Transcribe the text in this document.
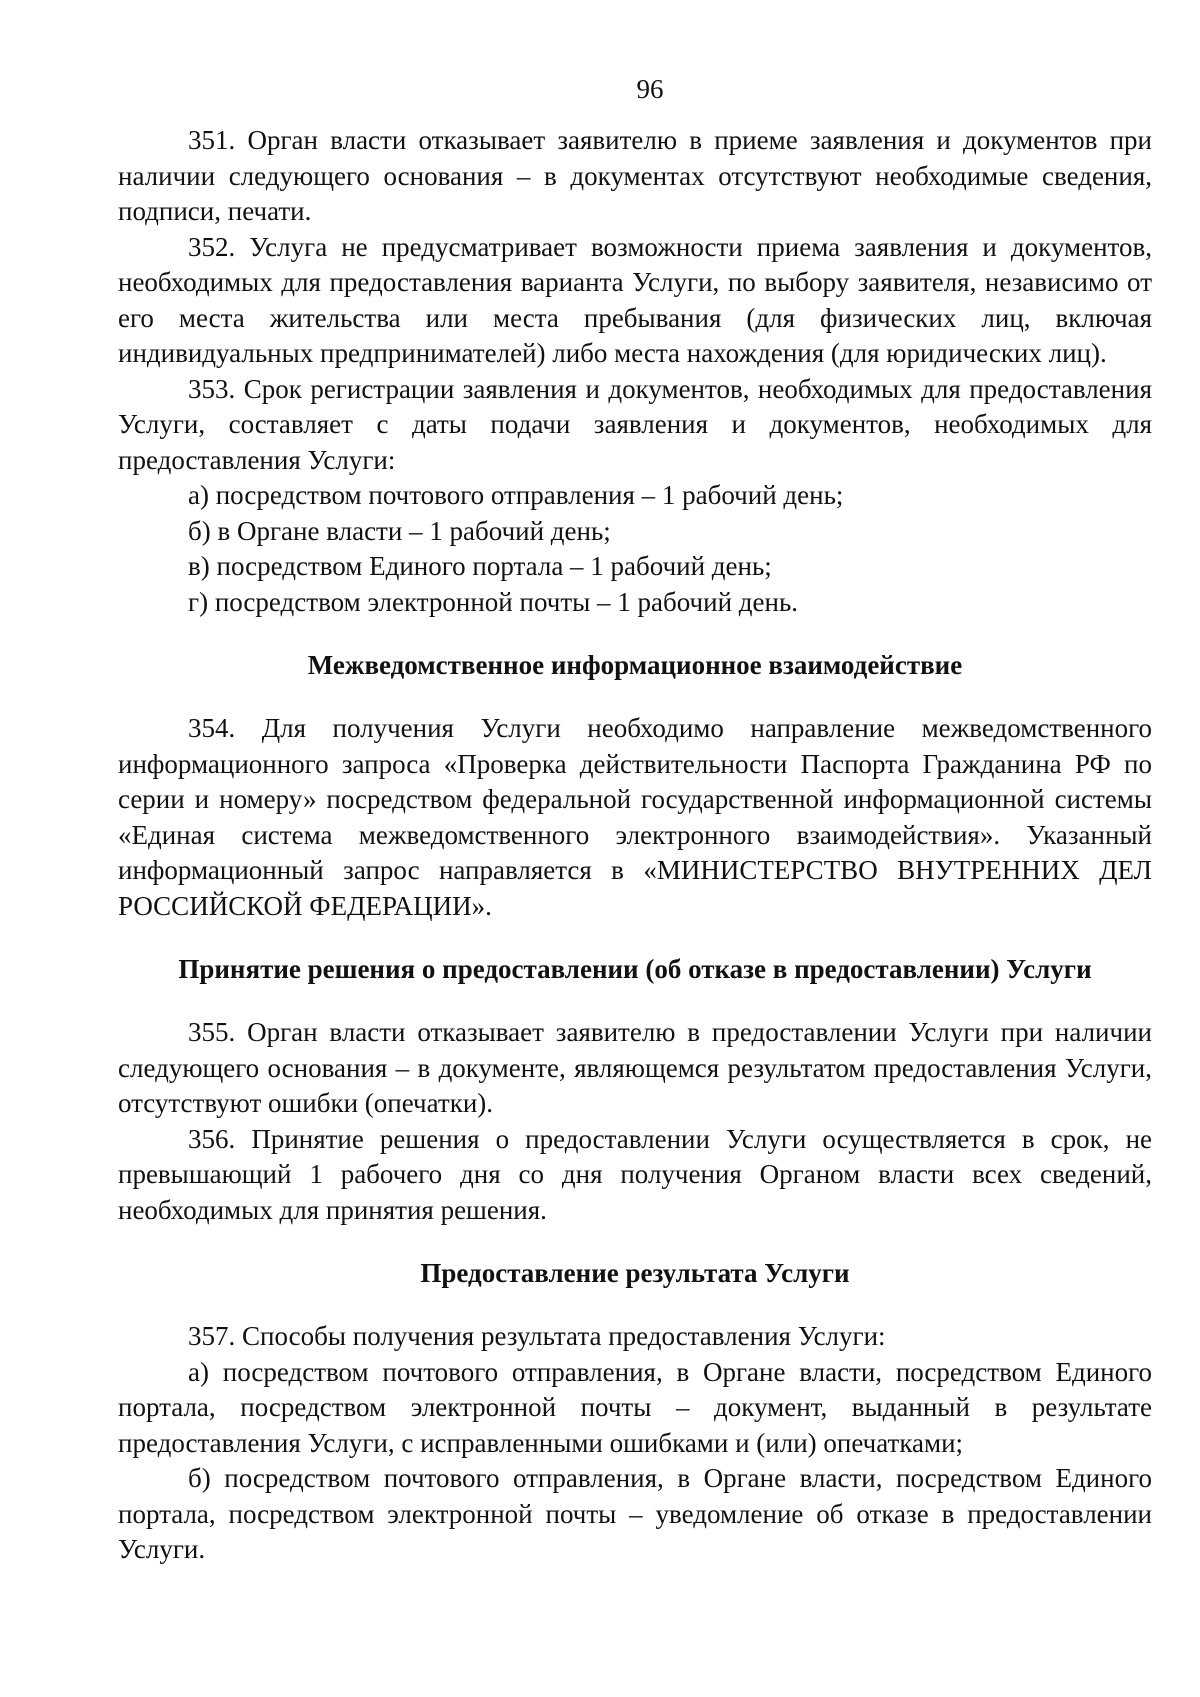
96

351. Орган власти отказывает заявителю в приеме заявления и документов при наличии следующего основания – в документах отсутствуют необходимые сведения, подписи, печати.

352. Услуга не предусматривает возможности приема заявления и документов, необходимых для предоставления варианта Услуги, по выбору заявителя, независимо от его места жительства или места пребывания (для физических лиц, включая индивидуальных предпринимателей) либо места нахождения (для юридических лиц).

353. Срок регистрации заявления и документов, необходимых для предоставления Услуги, составляет с даты подачи заявления и документов, необходимых для предоставления Услуги:

а) посредством почтового отправления – 1 рабочий день;

б) в Органе власти – 1 рабочий день;

в) посредством Единого портала – 1 рабочий день;

г) посредством электронной почты – 1 рабочий день.

Межведомственное информационное взаимодействие

354. Для получения Услуги необходимо направление межведомственного информационного запроса «Проверка действительности Паспорта Гражданина РФ по серии и номеру» посредством федеральной государственной информационной системы «Единая система межведомственного электронного взаимодействия». Указанный информационный запрос направляется в «МИНИСТЕРСТВО ВНУТРЕННИХ ДЕЛ РОССИЙСКОЙ ФЕДЕРАЦИИ».

Принятие решения о предоставлении (об отказе в предоставлении) Услуги

355. Орган власти отказывает заявителю в предоставлении Услуги при наличии следующего основания – в документе, являющемся результатом предоставления Услуги, отсутствуют ошибки (опечатки).

356. Принятие решения о предоставлении Услуги осуществляется в срок, не превышающий 1 рабочего дня со дня получения Органом власти всех сведений, необходимых для принятия решения.

Предоставление результата Услуги

357. Способы получения результата предоставления Услуги:

а) посредством почтового отправления, в Органе власти, посредством Единого портала, посредством электронной почты – документ, выданный в результате предоставления Услуги, с исправленными ошибками и (или) опечатками;

б) посредством почтового отправления, в Органе власти, посредством Единого портала, посредством электронной почты – уведомление об отказе в предоставлении Услуги.
